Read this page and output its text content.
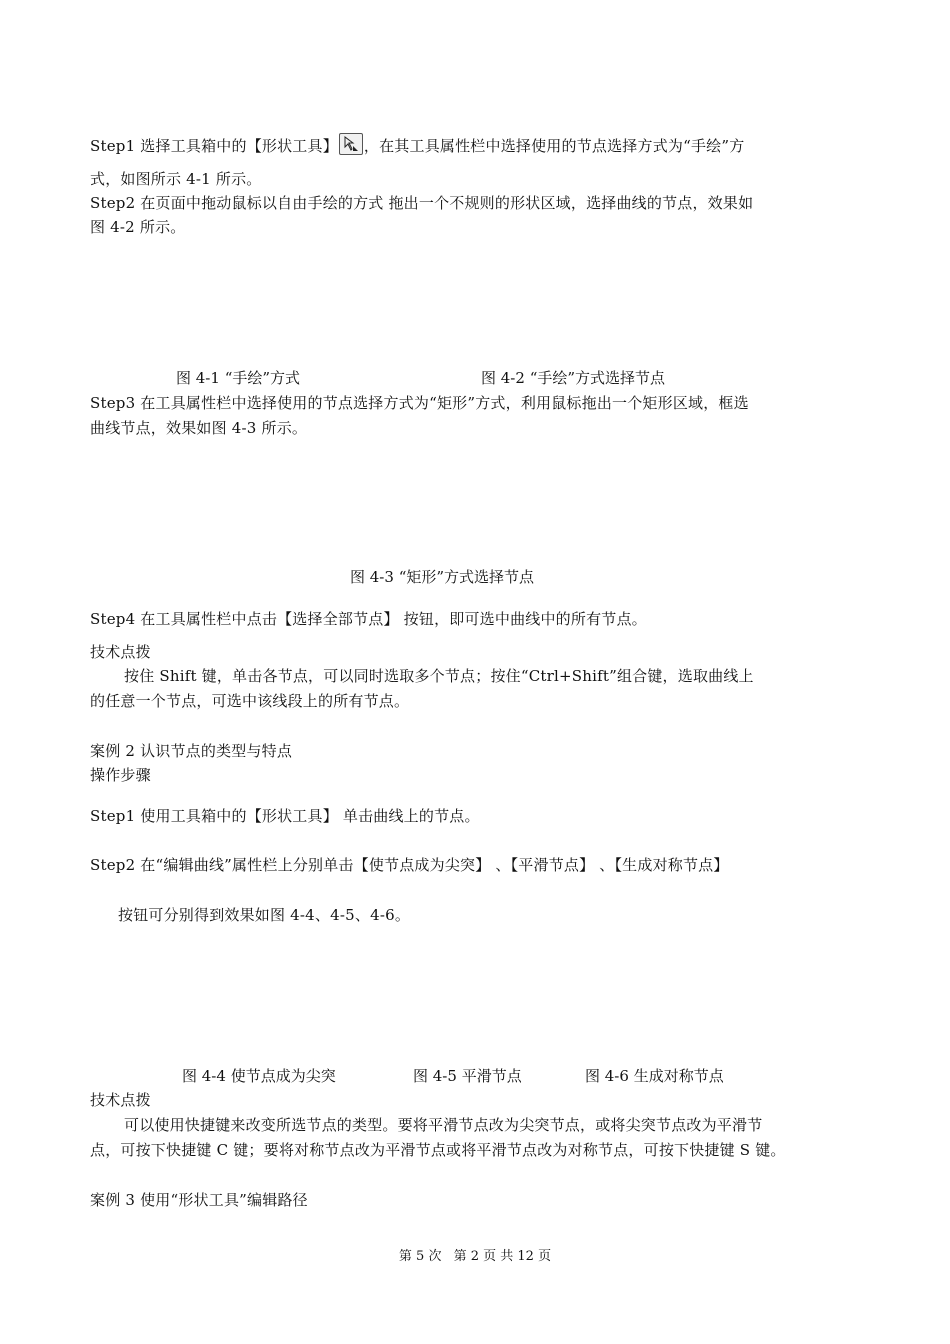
Step1 选择工具箱中的【形状工具】 ，在其工具属性栏中选择使用的节点选择方式为“手绘”方
式，如图所示 4-1 所示。
Step2 在页面中拖动鼠标以自由手绘的方式 拖出一个不规则的形状区域，选择曲线的节点，效果如
图 4-2 所示。
图 4-1 “手绘”方式	图 4-2 “手绘”方式选择节点
Step3 在工具属性栏中选择使用的节点选择方式为“矩形”方式，利用鼠标拖出一个矩形区域，框选
曲线节点，效果如图 4-3 所示。
图 4-3 “矩形”方式选择节点
Step4 在工具属性栏中点击【选择全部节点】 按钮，即可选中曲线中的所有节点。
技术点拨
按住 Shift 键，单击各节点，可以同时选取多个节点；按住“Ctrl+Shift”组合键，选取曲线上
的任意一个节点，可选中该线段上的所有节点。
案例 2 认识节点的类型与特点
操作步骤
Step1 使用工具箱中的【形状工具】 单击曲线上的节点。
Step2 在“编辑曲线”属性栏上分别单击【使节点成为尖突】 、【平滑节点】 、【生成对称节点】
按钮可分别得到效果如图 4-4、4-5、4-6。
图 4-4 使节点成为尖突	图 4-5 平滑节点	图 4-6 生成对称节点
技术点拨
可以使用快捷键来改变所选节点的类型。要将平滑节点改为尖突节点，或将尖突节点改为平滑节
点，可按下快捷键 C 键；要将对称节点改为平滑节点或将平滑节点改为对称节点，可按下快捷键 S 键。
案例 3 使用“形状工具”编辑路径
第 5 次 第 2 页 共 12 页
